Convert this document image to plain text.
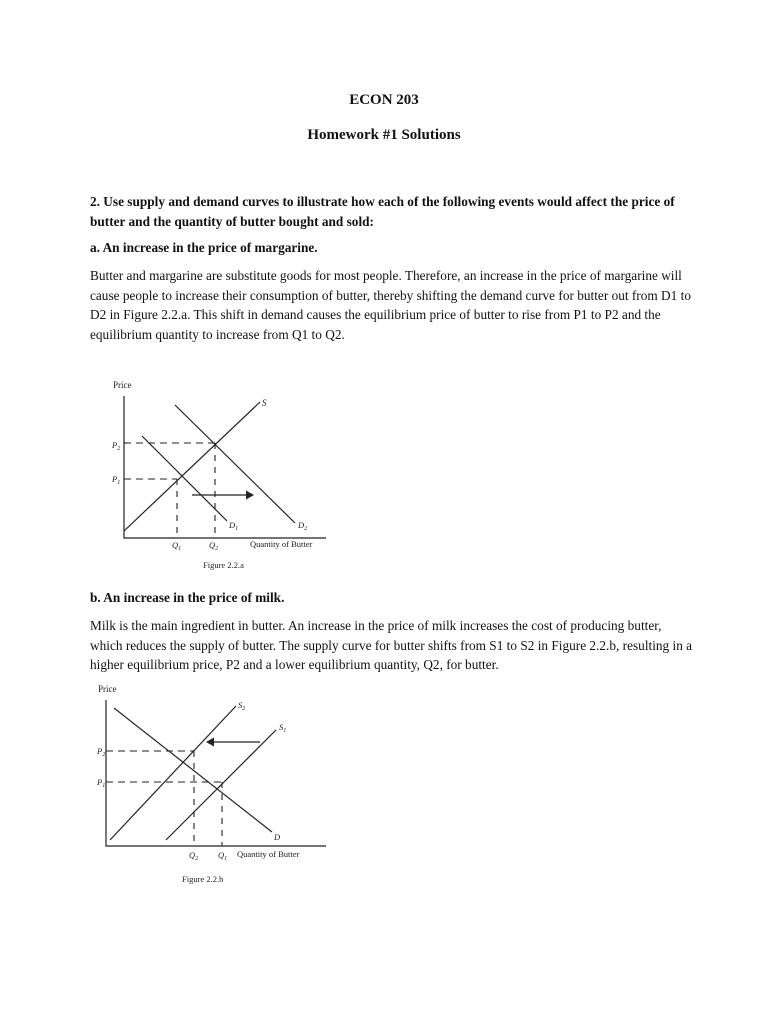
ECON 203
Homework #1 Solutions
2. Use supply and demand curves to illustrate how each of the following events would affect the price of butter and the quantity of butter bought and sold:
a. An increase in the price of margarine.
Butter and margarine are substitute goods for most people. Therefore, an increase in the price of margarine will cause people to increase their consumption of butter, thereby shifting the demand curve for butter out from D1 to D2 in Figure 2.2.a. This shift in demand causes the equilibrium price of butter to rise from P1 to P2 and the equilibrium quantity to increase from Q1 to Q2.
Price
S
$P_2$
$P_1$
$D_1$	$D_2$
$Q_1$	$Q_2$	Quantity of Butter
Figure 2.2.a
b. An increase in the price of milk.
Milk is the main ingredient in butter. An increase in the price of milk increases the cost of producing butter, which reduces the supply of butter. The supply curve for butter shifts from S1 to S2 in Figure 2.2.b, resulting in a higher equilibrium price, P2 and a lower equilibrium quantity, Q2, for butter.
Price
$S_2$
$S_1$
D
$P_2$
$P_1$
$Q_2$ $Q_1$ Quantity of Butter
Figure 2.2.b
